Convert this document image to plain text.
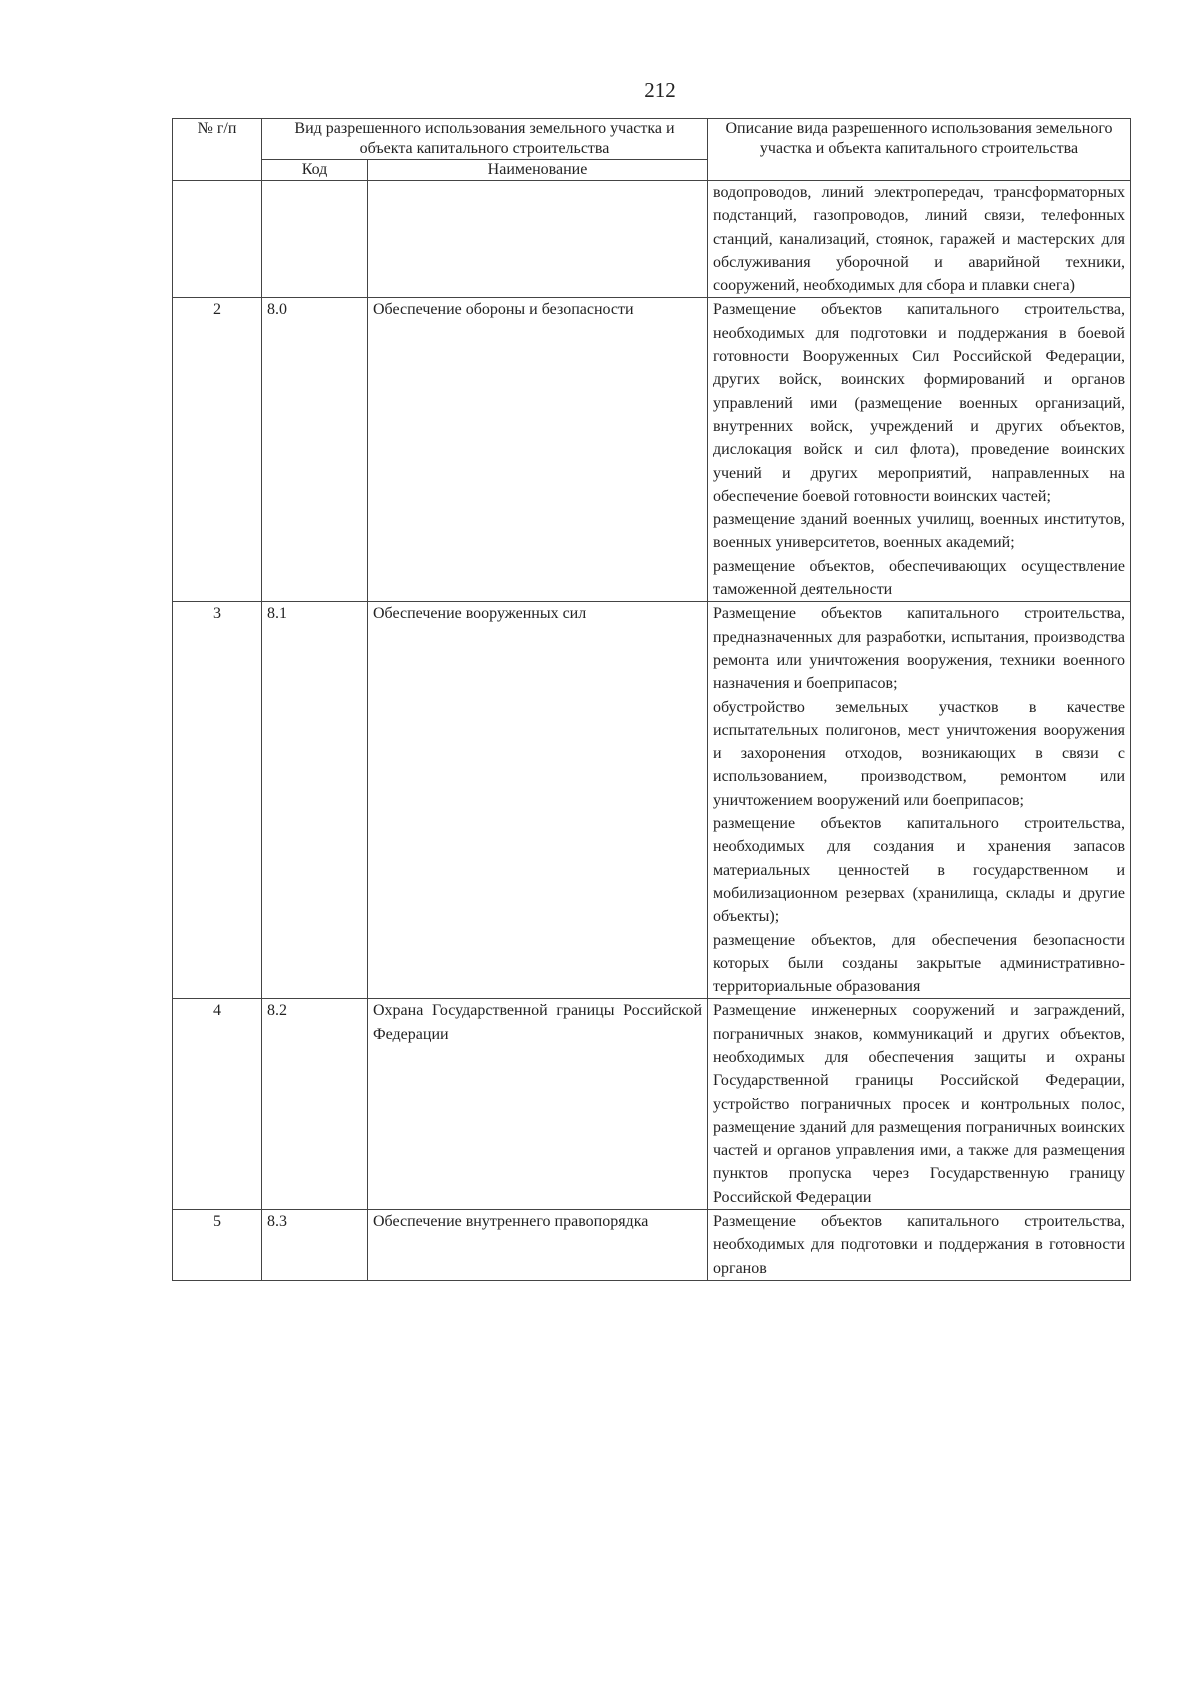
212
№ г/п	Вид разрешенного использования земельного участка и объекта капитального строительства		Описание вида разрешенного использования земельного участка и объекта капитального строительства
	Код	Наименование	

			водопроводов, линий электропередач, трансформаторных подстанций, газопроводов, линий связи, телефонных станций, канализаций, стоянок, гаражей и мастерских для обслуживания уборочной и аварийной техники, сооружений, необходимых для сбора и плавки снега)

2	8.0	Обеспечение обороны и безопасности	Размещение объектов капитального строительства, необходимых для подготовки и поддержания в боевой готовности Вооруженных Сил Российской Федерации, других войск, воинских формирований и органов управлений ими (размещение военных организаций, внутренних войск, учреждений и других объектов, дислокация войск и сил флота), проведение воинских учений и других мероприятий, направленных на обеспечение боевой готовности воинских частей;
размещение зданий военных училищ, военных институтов, военных университетов, военных академий;
размещение объектов, обеспечивающих осуществление таможенной деятельности

3	8.1	Обеспечение вооруженных сил	Размещение объектов капитального строительства, предназначенных для разработки, испытания, производства ремонта или уничтожения вооружения, техники военного назначения и боеприпасов;
обустройство земельных участков в качестве испытательных полигонов, мест уничтожения вооружения и захоронения отходов, возникающих в связи с использованием, производством, ремонтом или уничтожением вооружений или боеприпасов;
размещение объектов капитального строительства, необходимых для создания и хранения запасов материальных ценностей в государственном и мобилизационном резервах (хранилища, склады и другие объекты);
размещение объектов, для обеспечения безопасности которых были созданы закрытые административно-территориальные образования

4	8.2	Охрана Государственной границы Российской Федерации	Размещение инженерных сооружений и заграждений, пограничных знаков, коммуникаций и других объектов, необходимых для обеспечения защиты и охраны Государственной границы Российской Федерации, устройство пограничных просек и контрольных полос, размещение зданий для размещения пограничных воинских частей и органов управления ими, а также для размещения пунктов пропуска через Государственную границу Российской Федерации

5	8.3	Обеспечение внутреннего правопорядка	Размещение объектов капитального строительства, необходимых для подготовки и поддержания в готовности органов
